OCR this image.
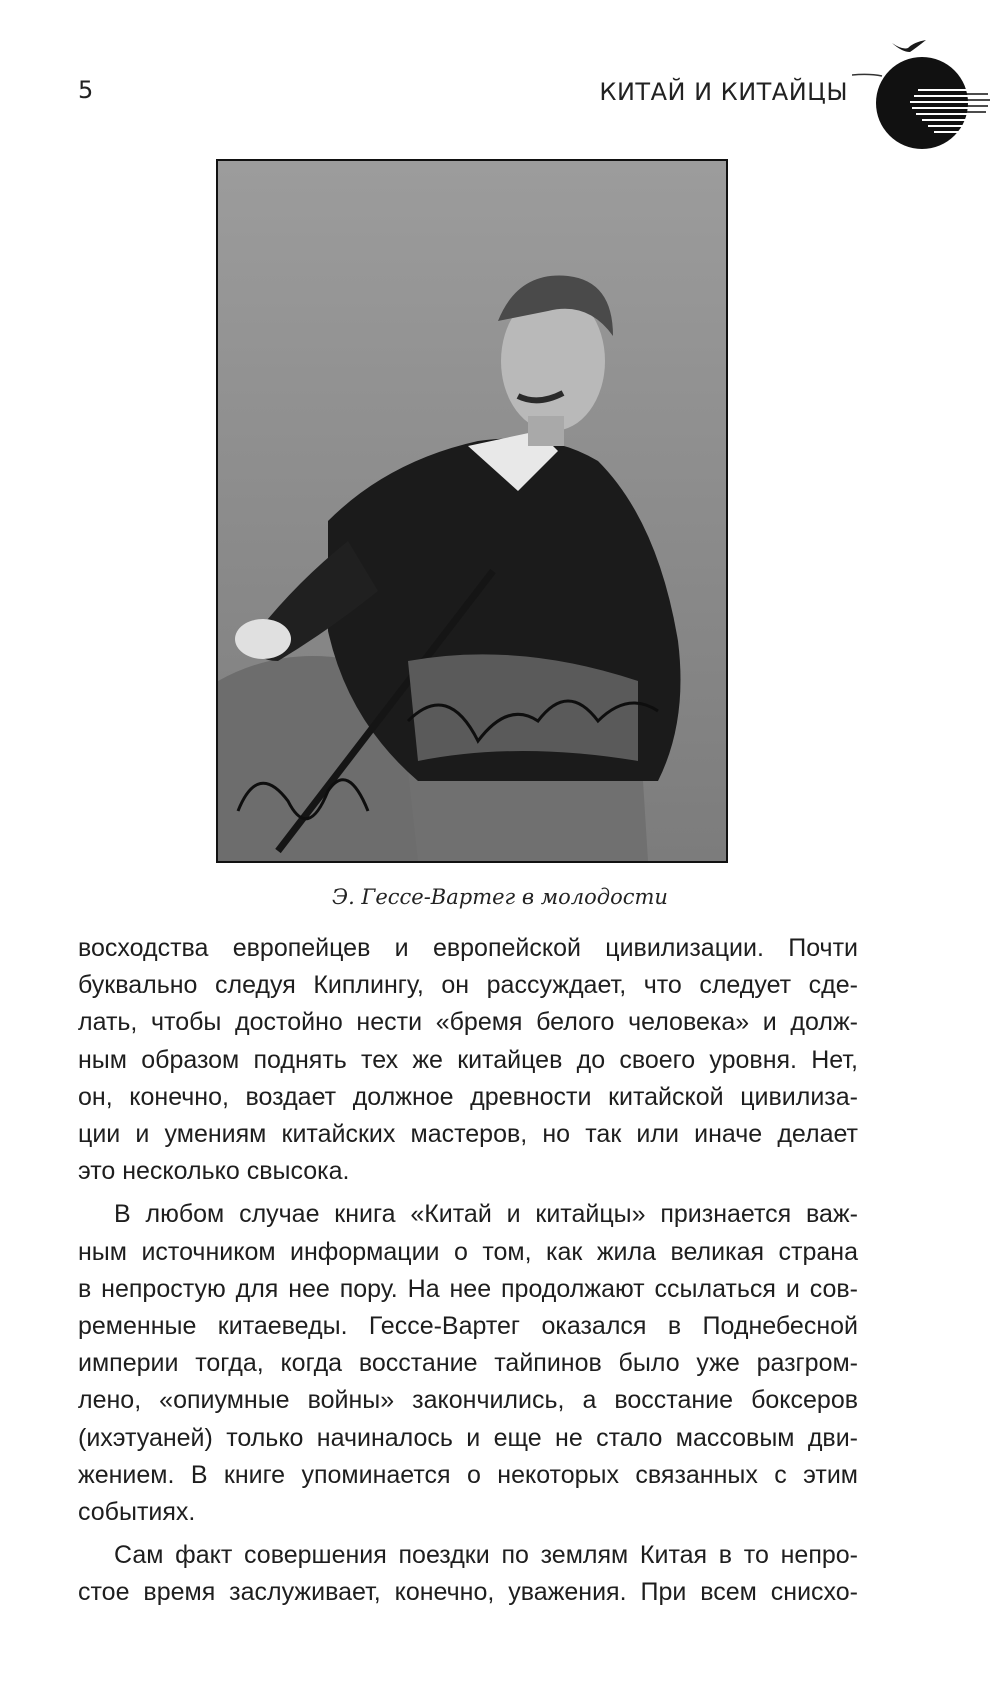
5	КИТАЙ И КИТАЙЦЫ
Э. Гессе-Вартег в молодости

восходства европейцев и европейской цивилизации. Почти
буквально следуя Киплингу, он рассуждает, что следует сде-
лать, чтобы достойно нести «бремя белого человека» и долж-
ным образом поднять тех же китайцев до своего уровня. Нет,
он, конечно, воздает должное древности китайской цивилиза-
ции и умениям китайских мастеров, но так или иначе делает
это несколько свысока.

В любом случае книга «Китай и китайцы» признается важ-
ным источником информации о том, как жила великая страна
в непростую для нее пору. На нее продолжают ссылаться и сов-
ременные китаеведы. Гессе-Вартег оказался в Поднебесной
империи тогда, когда восстание тайпинов было уже разгром-
лено, «опиумные войны» закончились, а восстание боксеров
(ихэтуаней) только начиналось и еще не стало массовым дви-
жением. В книге упоминается о некоторых связанных с этим
событиях.

Сам факт совершения поездки по землям Китая в то непро-
стое время заслуживает, конечно, уважения. При всем снисхо-
